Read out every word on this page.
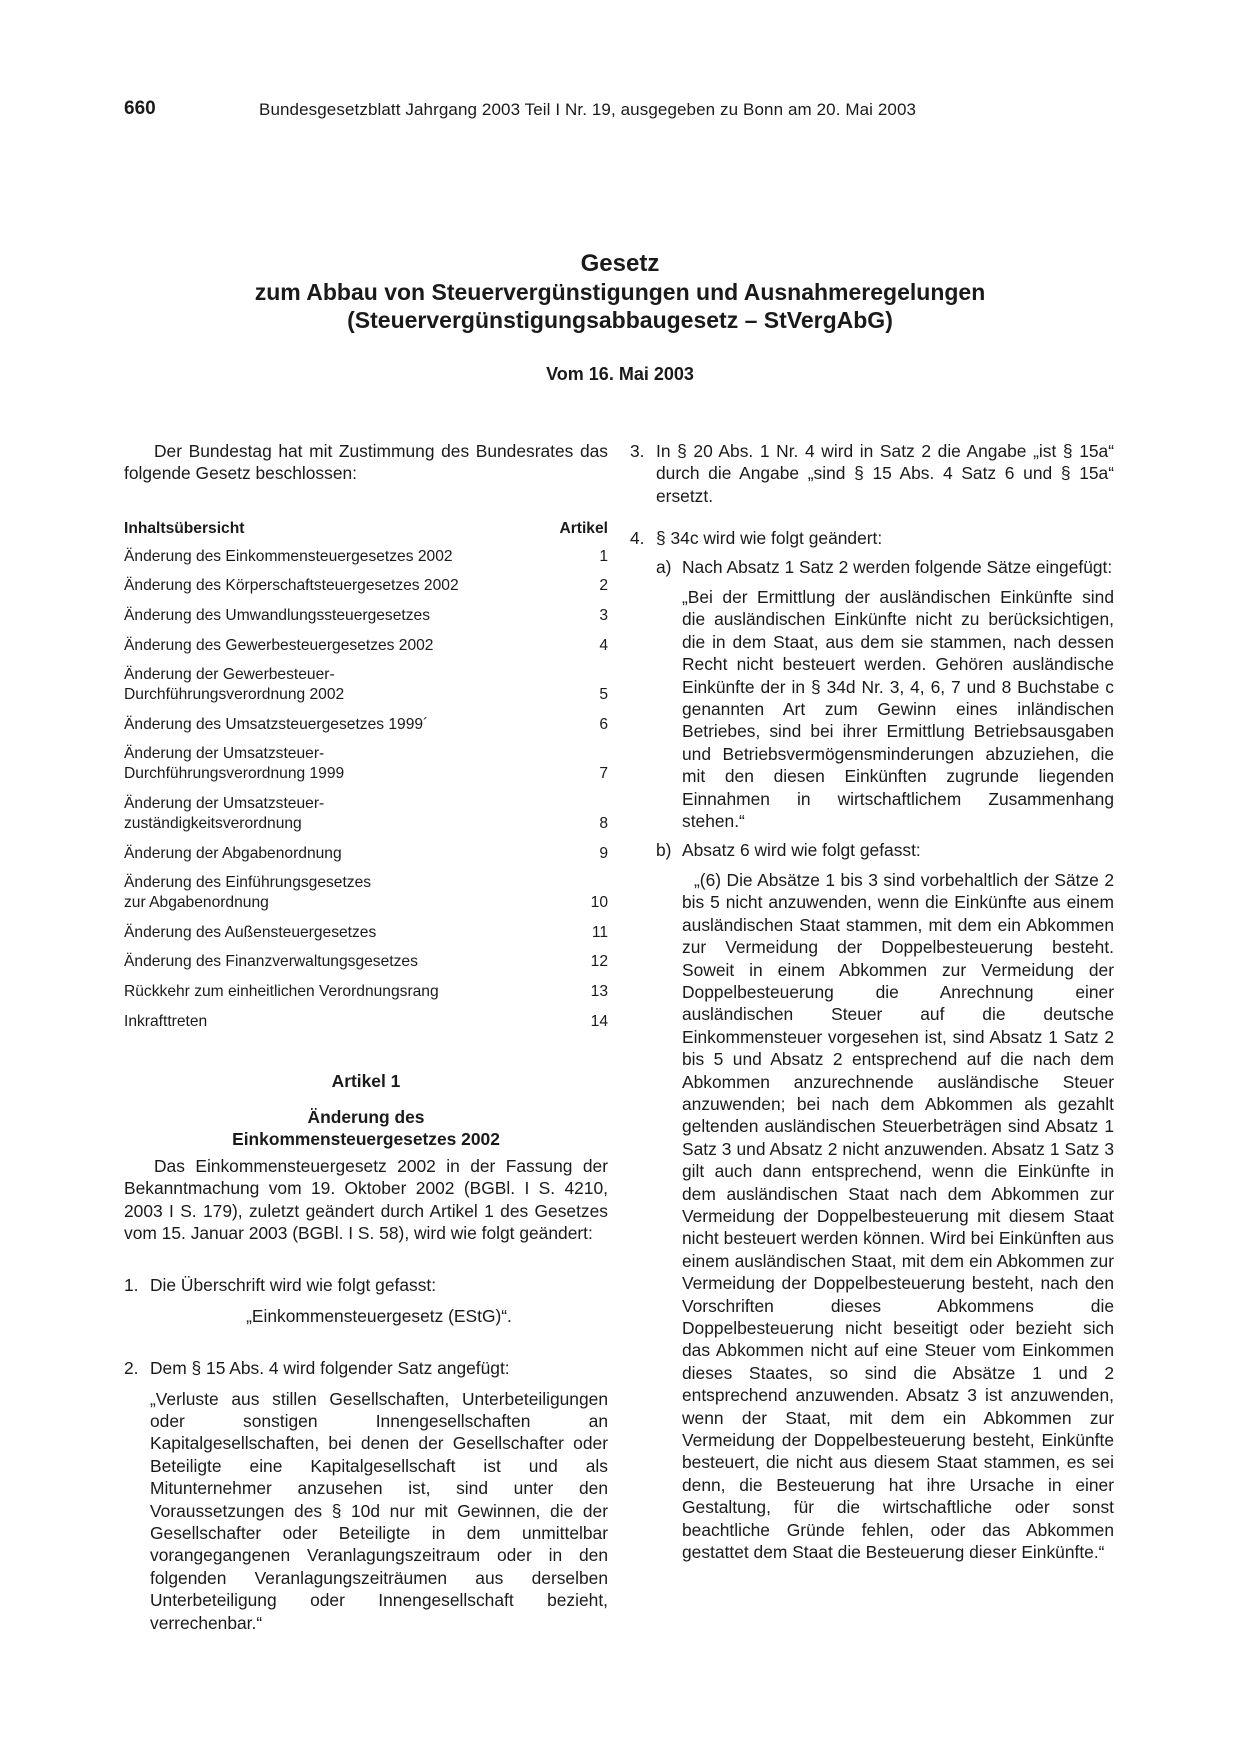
660	Bundesgesetzblatt Jahrgang 2003 Teil I Nr. 19, ausgegeben zu Bonn am 20. Mai 2003
Gesetz
zum Abbau von Steuervergünstigungen und Ausnahmeregelungen
(Steuervergünstigungsabbaugesetz – StVergAbG)
Vom 16. Mai 2003
Der Bundestag hat mit Zustimmung des Bundesrates das folgende Gesetz beschlossen:
Inhaltsübersicht	Artikel
Änderung des Einkommensteuergesetzes 2002	1
Änderung des Körperschaftsteuergesetzes 2002	2
Änderung des Umwandlungssteuergesetzes	3
Änderung des Gewerbesteuergesetzes 2002	4
Änderung der Gewerbesteuer-Durchführungsverordnung 2002	5
Änderung des Umsatzsteuergesetzes 1999´	6
Änderung der Umsatzsteuer-Durchführungsverordnung 1999	7
Änderung der Umsatzsteuer-zuständigkeitsverordnung	8
Änderung der Abgabenordnung	9
Änderung des Einführungsgesetzes zur Abgabenordnung	10
Änderung des Außensteuergesetzes	11
Änderung des Finanzverwaltungsgesetzes	12
Rückkehr zum einheitlichen Verordnungsrang	13
Inkrafttreten	14
Artikel 1
Änderung des
Einkommensteuergesetzes 2002
Das Einkommensteuergesetz 2002 in der Fassung der Bekanntmachung vom 19. Oktober 2002 (BGBl. I S. 4210, 2003 I S. 179), zuletzt geändert durch Artikel 1 des Gesetzes vom 15. Januar 2003 (BGBl. I S. 58), wird wie folgt geändert:
1. Die Überschrift wird wie folgt gefasst:
„Einkommensteuergesetz (EStG)“.
2. Dem § 15 Abs. 4 wird folgender Satz angefügt:
„Verluste aus stillen Gesellschaften, Unterbeteiligungen oder sonstigen Innengesellschaften an Kapitalgesellschaften, bei denen der Gesellschafter oder Beteiligte eine Kapitalgesellschaft ist und als Mitunternehmer anzusehen ist, sind unter den Voraussetzungen des § 10d nur mit Gewinnen, die der Gesellschafter oder Beteiligte in dem unmittelbar vorangegangenen Veranlagungszeitraum oder in den folgenden Veranlagungszeiträumen aus derselben Unterbeteiligung oder Innengesellschaft bezieht, verrechenbar.“
3. In § 20 Abs. 1 Nr. 4 wird in Satz 2 die Angabe „ist § 15a“ durch die Angabe „sind § 15 Abs. 4 Satz 6 und § 15a“ ersetzt.
4. § 34c wird wie folgt geändert:
a) Nach Absatz 1 Satz 2 werden folgende Sätze eingefügt:
„Bei der Ermittlung der ausländischen Einkünfte sind die ausländischen Einkünfte nicht zu berücksichtigen, die in dem Staat, aus dem sie stammen, nach dessen Recht nicht besteuert werden. Gehören ausländische Einkünfte der in § 34d Nr. 3, 4, 6, 7 und 8 Buchstabe c genannten Art zum Gewinn eines inländischen Betriebes, sind bei ihrer Ermittlung Betriebsausgaben und Betriebsvermögensminderungen abzuziehen, die mit den diesen Einkünften zugrunde liegenden Einnahmen in wirtschaftlichem Zusammenhang stehen.“
b) Absatz 6 wird wie folgt gefasst:
„(6) Die Absätze 1 bis 3 sind vorbehaltlich der Sätze 2 bis 5 nicht anzuwenden, wenn die Einkünfte aus einem ausländischen Staat stammen, mit dem ein Abkommen zur Vermeidung der Doppelbesteuerung besteht. Soweit in einem Abkommen zur Vermeidung der Doppelbesteuerung die Anrechnung einer ausländischen Steuer auf die deutsche Einkommensteuer vorgesehen ist, sind Absatz 1 Satz 2 bis 5 und Absatz 2 entsprechend auf die nach dem Abkommen anzurechnende ausländische Steuer anzuwenden; bei nach dem Abkommen als gezahlt geltenden ausländischen Steuerbeträgen sind Absatz 1 Satz 3 und Absatz 2 nicht anzuwenden. Absatz 1 Satz 3 gilt auch dann entsprechend, wenn die Einkünfte in dem ausländischen Staat nach dem Abkommen zur Vermeidung der Doppelbesteuerung mit diesem Staat nicht besteuert werden können. Wird bei Einkünften aus einem ausländischen Staat, mit dem ein Abkommen zur Vermeidung der Doppelbesteuerung besteht, nach den Vorschriften dieses Abkommens die Doppelbesteuerung nicht beseitigt oder bezieht sich das Abkommen nicht auf eine Steuer vom Einkommen dieses Staates, so sind die Absätze 1 und 2 entsprechend anzuwenden. Absatz 3 ist anzuwenden, wenn der Staat, mit dem ein Abkommen zur Vermeidung der Doppelbesteuerung besteht, Einkünfte besteuert, die nicht aus diesem Staat stammen, es sei denn, die Besteuerung hat ihre Ursache in einer Gestaltung, für die wirtschaftliche oder sonst beachtliche Gründe fehlen, oder das Abkommen gestattet dem Staat die Besteuerung dieser Einkünfte.“
